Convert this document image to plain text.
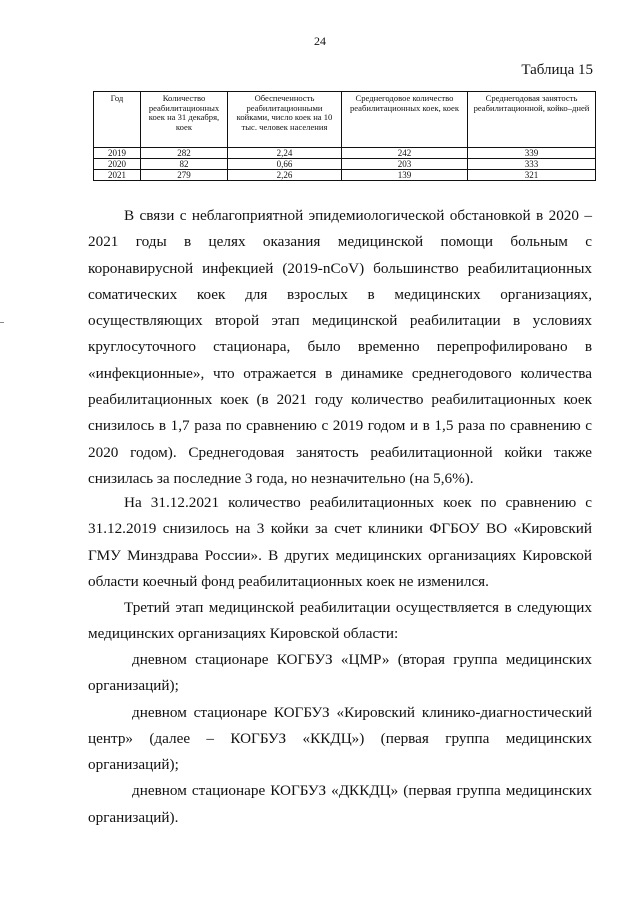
24
Таблица 15
Год	Количество реабилитационных коек на 31 декабря, коек	Обеспеченность реабилитационными койками, число коек на 10 тыс. человек населения	Среднегодовое количество реабилитационных коек, коек	Среднегодовая занятость реабилитационной, койко–дней
2019	282	2,24	242	339
2020	82	0,66	203	333
2021	279	2,26	139	321

В связи с неблагоприятной эпидемиологической обстановкой в 2020 – 2021 годы в целях оказания медицинской помощи больным с коронавирусной инфекцией (2019-nCoV) большинство реабилитационных соматических коек для взрослых в медицинских организациях, осуществляющих второй этап медицинской реабилитации в условиях круглосуточного стационара, было временно перепрофилировано в «инфекционные», что отражается в динамике среднегодового количества реабилитационных коек (в 2021 году количество реабилитационных коек снизилось в 1,7 раза по сравнению с 2019 годом и в 1,5 раза по сравнению с 2020 годом). Среднегодовая занятость реабилитационной койки также снизилась за последние 3 года, но незначительно (на 5,6%).

На 31.12.2021 количество реабилитационных коек по сравнению с 31.12.2019 снизилось на 3 койки за счет клиники ФГБОУ ВО «Кировский ГМУ Минздрава России». В других медицинских организациях Кировской области коечный фонд реабилитационных коек не изменился.

Третий этап медицинской реабилитации осуществляется в следующих медицинских организациях Кировской области:

дневном стационаре КОГБУЗ «ЦМР» (вторая группа медицинских организаций);

дневном стационаре КОГБУЗ «Кировский клинико-диагностический центр» (далее – КОГБУЗ «ККДЦ») (первая группа медицинских организаций);

дневном стационаре КОГБУЗ «ДККДЦ» (первая группа медицинских организаций).
